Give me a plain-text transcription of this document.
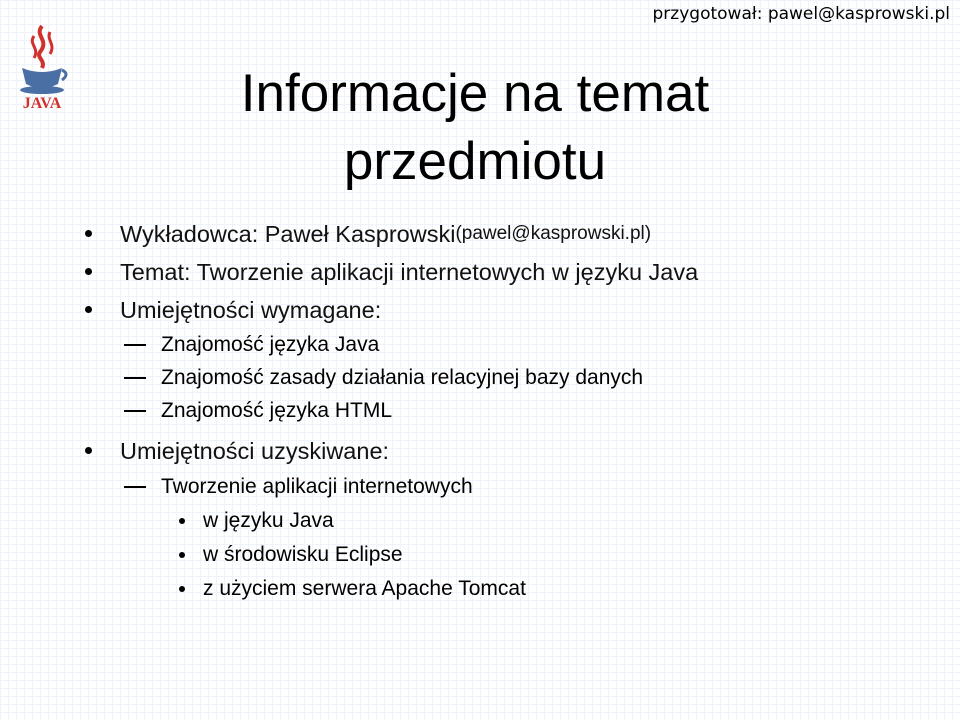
przygotował: pawel@kasprowski.pl
JAVA	Informacje na temat
przedmiotu
Wykładowca: Paweł Kasprowski (pawel@kasprowski.pl)
Temat: Tworzenie aplikacji internetowych w języku Java
Umiejętności wymagane:
Znajomość języka Java
Znajomość zasady działania relacyjnej bazy danych
Znajomość języka HTML
Umiejętności uzyskiwane:
Tworzenie aplikacji internetowych
w języku Java
w środowisku Eclipse
z użyciem serwera Apache Tomcat
